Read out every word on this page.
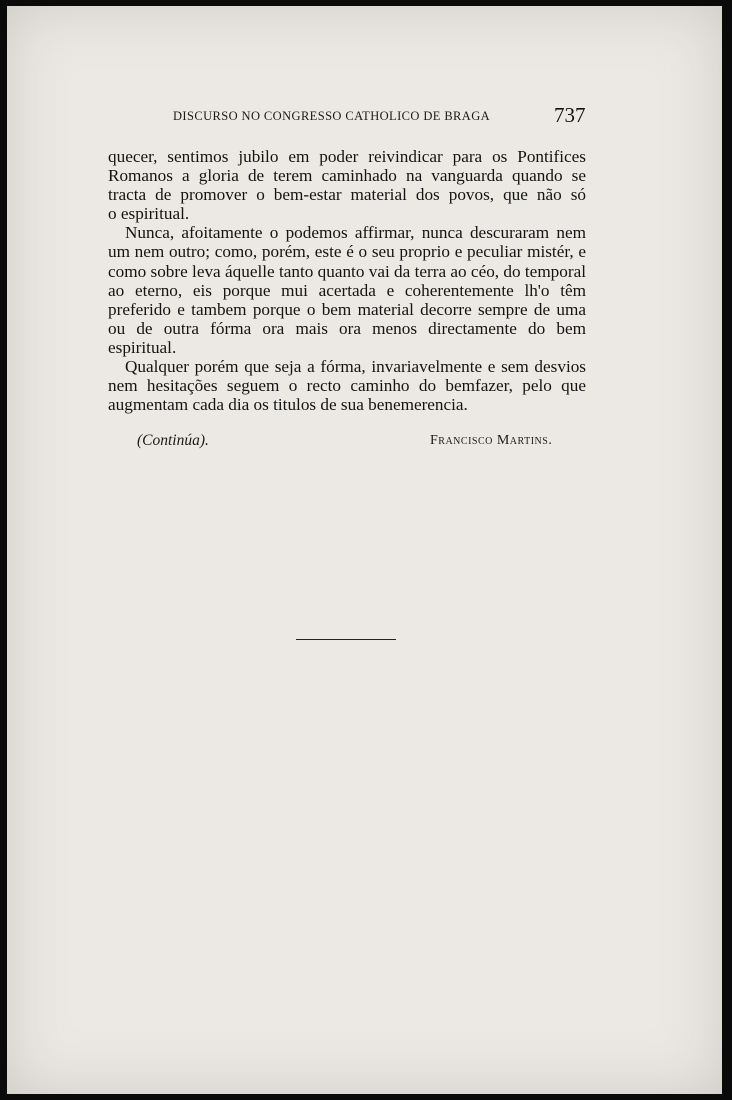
DISCURSO NO CONGRESSO CATHOLICO DE BRAGA	737
quecer, sentimos jubilo em poder reivindicar para os Pontifices
Romanos a gloria de terem caminhado na vanguarda quando se
tracta de promover o bem-estar material dos povos, que não só
o espiritual.

Nunca, afoitamente o podemos affirmar, nunca descuraram nem um nem outro; como, porém, este é o seu proprio e peculiar mistér, e como sobre leva áquelle tanto quanto vai da terra ao céo, do temporal ao eterno, eis porque mui acertada e coherentemente lh'o têm preferido e tambem porque o bem material decorre sempre de uma ou de outra fórma ora mais ora menos directamente do bem espiritual.

Qualquer porém que seja a fórma, invariavelmente e sem desvios nem hesitações seguem o recto caminho do bemfazer, pelo que augmentam cada dia os titulos de sua benemerencia.

(Continúa).	Francisco Martins.
